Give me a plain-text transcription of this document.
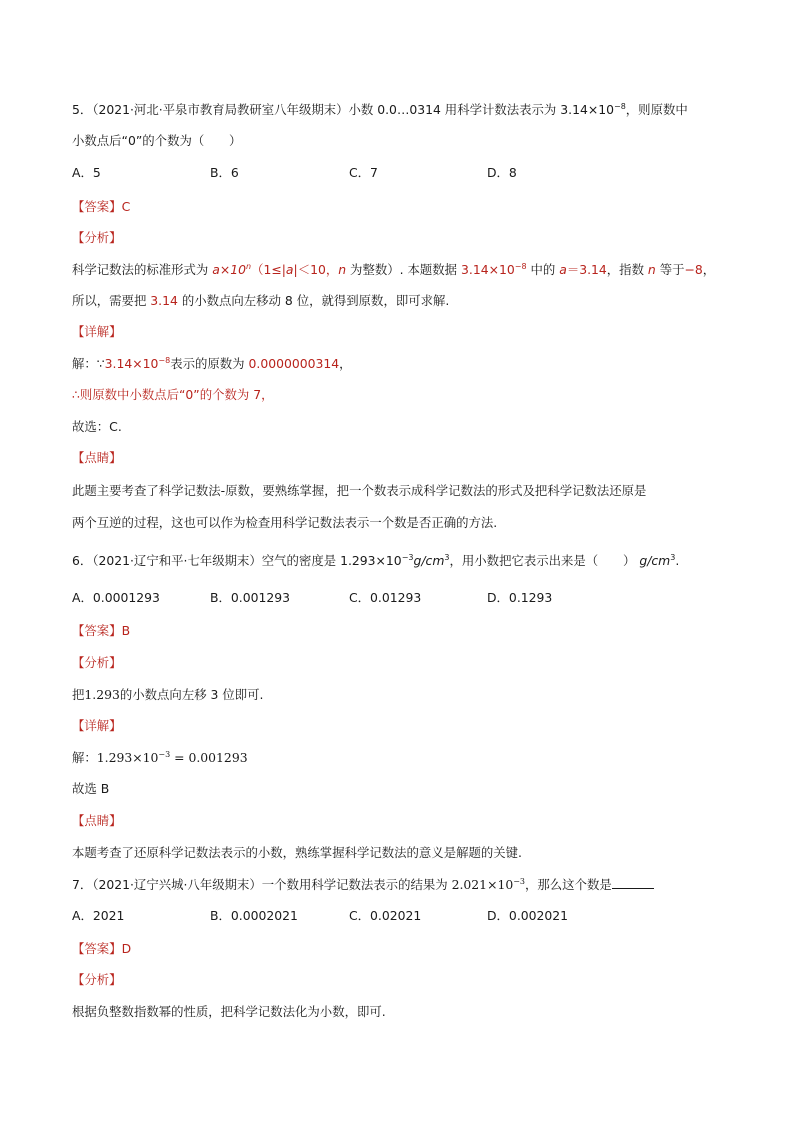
5．（2021·河北·平泉市教育局教研室八年级期末）小数 0.0…0314 用科学计数法表示为 $3.14\times 10^{-8}$，则原数中
小数点后“0”的个数为（　　）
A．5	B．6	C．7	D．8
【答案】C
【分析】
科学记数法的标准形式为 $a\times 10^n(1\le|a|<10$，n 为整数）. 本题数据 $3.14\times 10^{-8}$ 中的 a＝3.14，指数 n 等于−8，
所以，需要把 3.14 的小数点向左移动 8 位，就得到原数，即可求解.
【详解】
解：$\because 3.14\times 10^{-8}$表示的原数为 0.0000000314，
∴则原数中小数点后“0”的个数为 7，
故选：C.
【点睛】
此题主要考查了科学记数法-原数，要熟练掌握，把一个数表示成科学记数法的形式及把科学记数法还原是
两个互逆的过程，这也可以作为检查用科学记数法表示一个数是否正确的方法.
6．（2021·辽宁和平·七年级期末）空气的密度是 $1.293\times 10^{-3}g/cm^3$，用小数把它表示出来是（　　） $g/cm^3$.
A．0.0001293	B．0.001293	C．0.01293	D．0.1293
【答案】B
【分析】
把1.293的小数点向左移 3 位即可.
【详解】
解：$1.293\times 10^{-3} = 0.001293$
故选 B
【点睛】
本题考查了还原科学记数法表示的小数，熟练掌握科学记数法的意义是解题的关键.
7．（2021·辽宁兴城·八年级期末）一个数用科学记数法表示的结果为 $2.021\times 10^{-3}$，那么这个数是
A．2021	B．0.0002021	C．0.02021	D．0.002021
【答案】D
【分析】
根据负整数指数幂的性质，把科学记数法化为小数，即可.
